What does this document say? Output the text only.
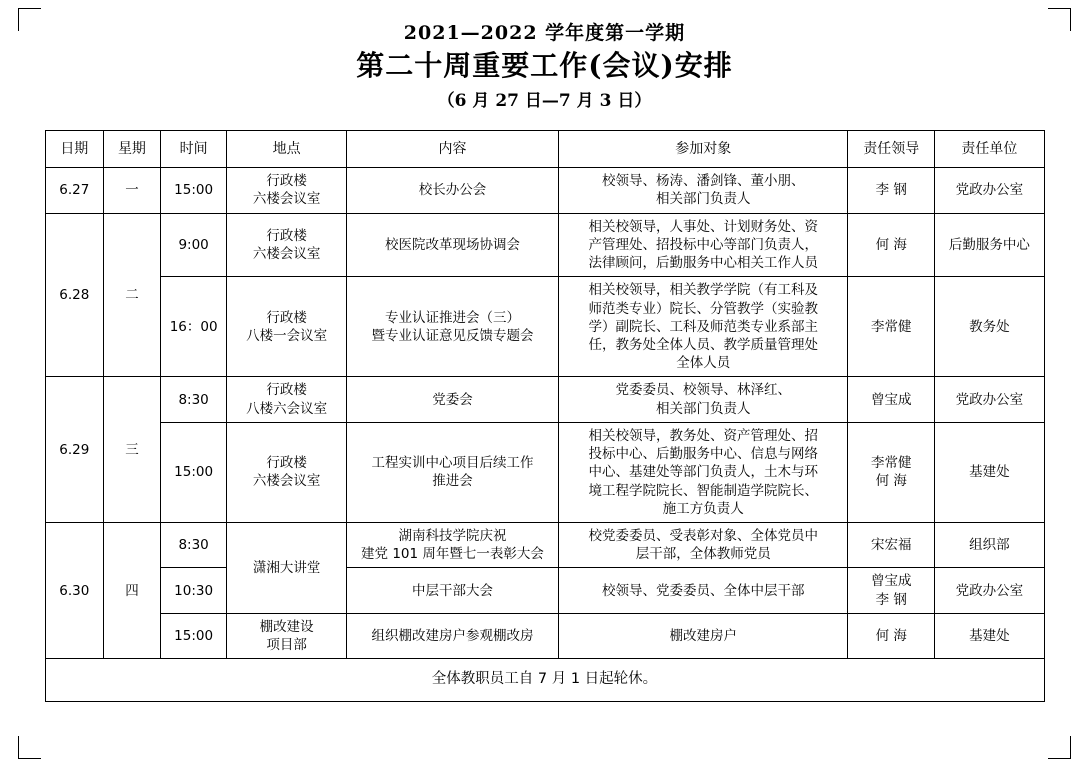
2021—2022 学年度第一学期
第二十周重要工作(会议)安排
（6 月 27 日—7 月 3 日）
日期	星期	时间	地点	内容	参加对象	责任领导	责任单位
6.27	一	15:00	行政楼
六楼会议室	校长办公会	校领导、杨涛、潘剑锋、董小朋、
相关部门负责人	李 钢	党政办公室
6.28	二	9:00	行政楼
六楼会议室	校医院改革现场协调会	相关校领导，人事处、计划财务处、资
产管理处、招投标中心等部门负责人，
法律顾问，后勤服务中心相关工作人员	何 海	后勤服务中心
		16：00	行政楼
八楼一会议室	专业认证推进会（三）
暨专业认证意见反馈专题会	相关校领导，相关教学学院（有工科及
师范类专业）院长、分管教学（实验教
学）副院长、工科及师范类专业系部主
任，教务处全体人员、教学质量管理处
全体人员	李常健	教务处
6.29	三	8:30	行政楼
八楼六会议室	党委会	党委委员、校领导、林泽红、
相关部门负责人	曾宝成	党政办公室
		15:00	行政楼
六楼会议室	工程实训中心项目后续工作
推进会	相关校领导，教务处、资产管理处、招
投标中心、后勤服务中心、信息与网络
中心、基建处等部门负责人，土木与环
境工程学院院长、智能制造学院院长、
施工方负责人	李常健
何 海	基建处
6.30	四	8:30	潇湘大讲堂	湖南科技学院庆祝
建党 101 周年暨七一表彰大会	校党委委员、受表彰对象、全体党员中
层干部，全体教师党员	宋宏福	组织部
		10:30		中层干部大会	校领导、党委委员、全体中层干部	曾宝成
李 钢	党政办公室
		15:00	棚改建设
项目部	组织棚改建房户参观棚改房	棚改建房户	何 海	基建处
全体教职员工自 7 月 1 日起轮休。							
